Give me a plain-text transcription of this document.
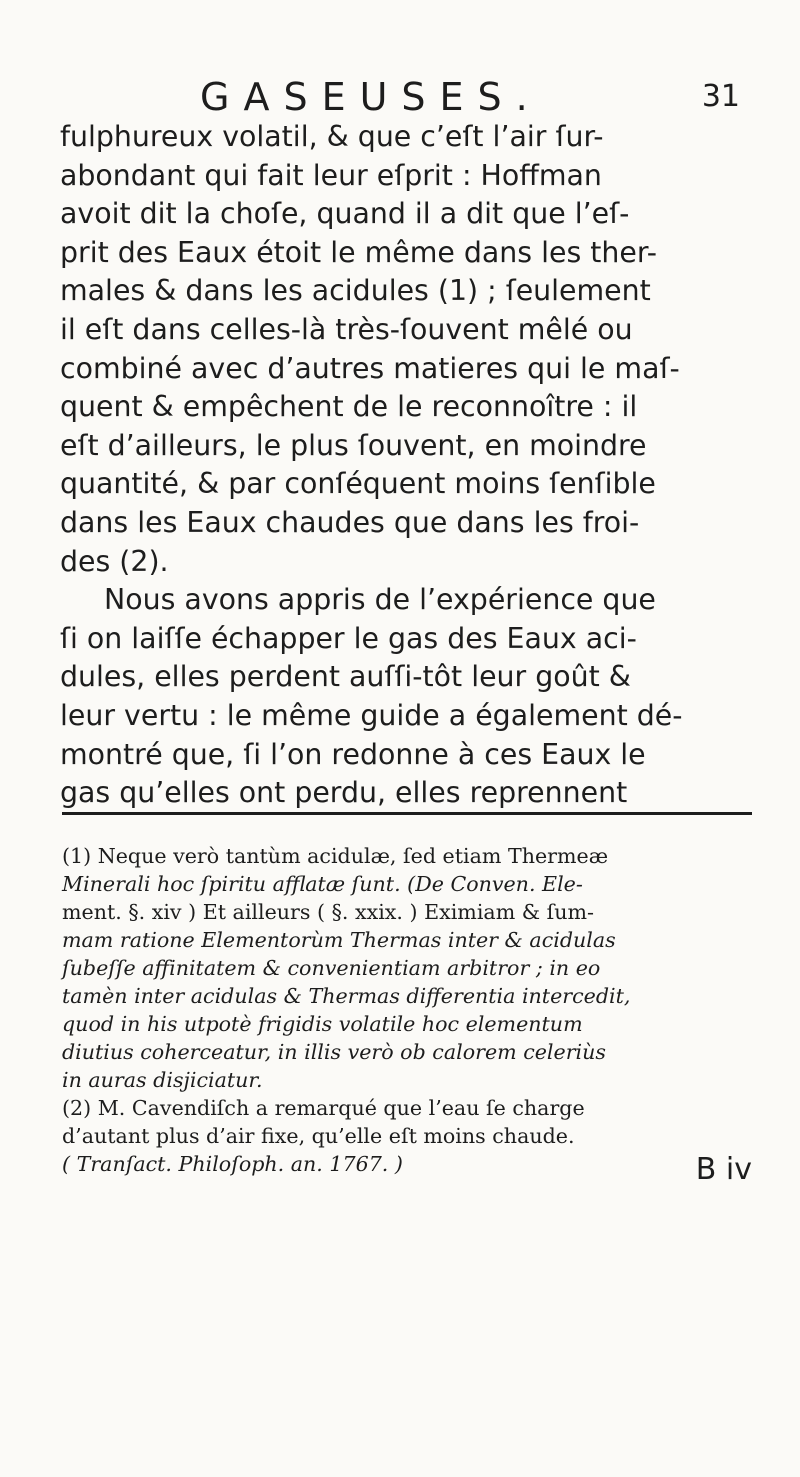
GASEUSES.	31
fulphureux volatil, & que c’eſt l’air ſur-
abondant qui fait leur eſprit : Hoffman
avoit dit la choſe, quand il a dit que l’eſ-
prit des Eaux étoit le même dans les ther-
males & dans les acidules (1) ; ſeulement
il eſt dans celles-là très-ſouvent mêlé ou
combiné avec d’autres matieres qui le maſ-
quent & empêchent de le reconnoître : il
eſt d’ailleurs, le plus ſouvent, en moindre
quantité, & par conſéquent moins ſenſible
dans les Eaux chaudes que dans les froi-
des (2).
Nous avons appris de l’expérience que
ſi on laiſſe échapper le gas des Eaux aci-
dules, elles perdent auſſi-tôt leur goût &
leur vertu : le même guide a également dé-
montré que, ſi l’on redonne à ces Eaux le
gas qu’elles ont perdu, elles reprennent
(1) Neque verò tantùm acidulæ, ſed etiam Thermeæ
Minerali hoc ſpiritu afflatæ ſunt. (De Conven. Ele-
ment. §. xiv ) Et ailleurs ( §. xxix. ) Eximiam & ſum-
mam ratione Elementorùm Thermas inter & acidulas
ſubeſſe affinitatem & convenientiam arbitror ; in eo
tamèn inter acidulas & Thermas differentia intercedit,
quod in his utpotè frigidis volatile hoc elementum
diutius coherceatur, in illis verò ob calorem celeriùs
in auras disjiciatur.
(2) M. Cavendiſch a remarqué que l’eau ſe charge
d’autant plus d’air fixe, qu’elle eſt moins chaude.
( Tranſact. Philoſoph. an. 1767. )	B iv
